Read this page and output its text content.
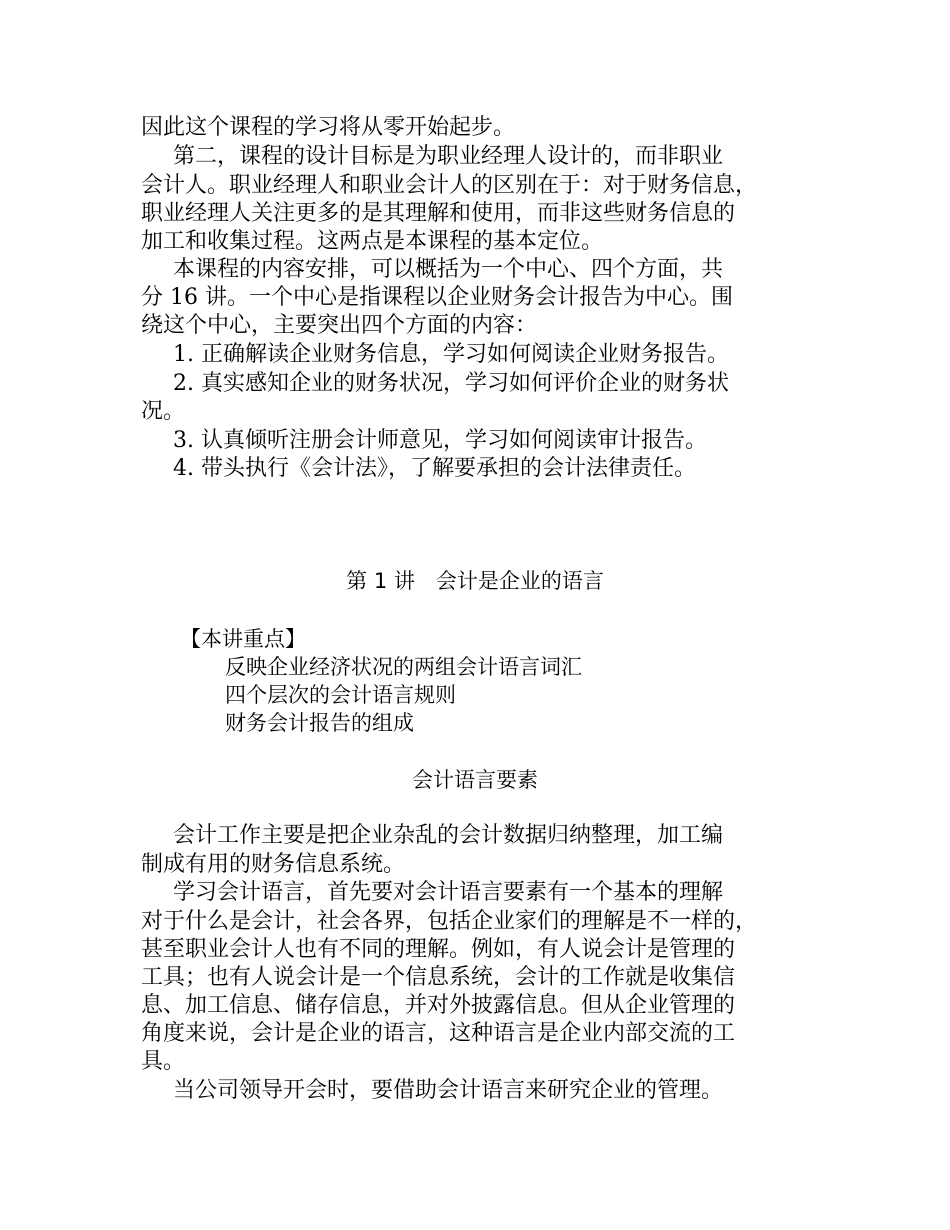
因此这个课程的学习将从零开始起步。
第二，课程的设计目标是为职业经理人设计的，而非职业
会计人。职业经理人和职业会计人的区别在于：对于财务信息，
职业经理人关注更多的是其理解和使用，而非这些财务信息的
加工和收集过程。这两点是本课程的基本定位。
本课程的内容安排，可以概括为一个中心、四个方面，共
分 16 讲。一个中心是指课程以企业财务会计报告为中心。围
绕这个中心，主要突出四个方面的内容：
1. 正确解读企业财务信息，学习如何阅读企业财务报告。
2. 真实感知企业的财务状况，学习如何评价企业的财务状
况。
3. 认真倾听注册会计师意见，学习如何阅读审计报告。
4. 带头执行《会计法》，了解要承担的会计法律责任。
第 1 讲　会计是企业的语言
【本讲重点】
反映企业经济状况的两组会计语言词汇
四个层次的会计语言规则
财务会计报告的组成
会计语言要素
会计工作主要是把企业杂乱的会计数据归纳整理，加工编
制成有用的财务信息系统。
学习会计语言，首先要对会计语言要素有一个基本的理解
对于什么是会计，社会各界，包括企业家们的理解是不一样的，
甚至职业会计人也有不同的理解。例如，有人说会计是管理的
工具；也有人说会计是一个信息系统，会计的工作就是收集信
息、加工信息、储存信息，并对外披露信息。但从企业管理的
角度来说，会计是企业的语言，这种语言是企业内部交流的工
具。
当公司领导开会时，要借助会计语言来研究企业的管理。
